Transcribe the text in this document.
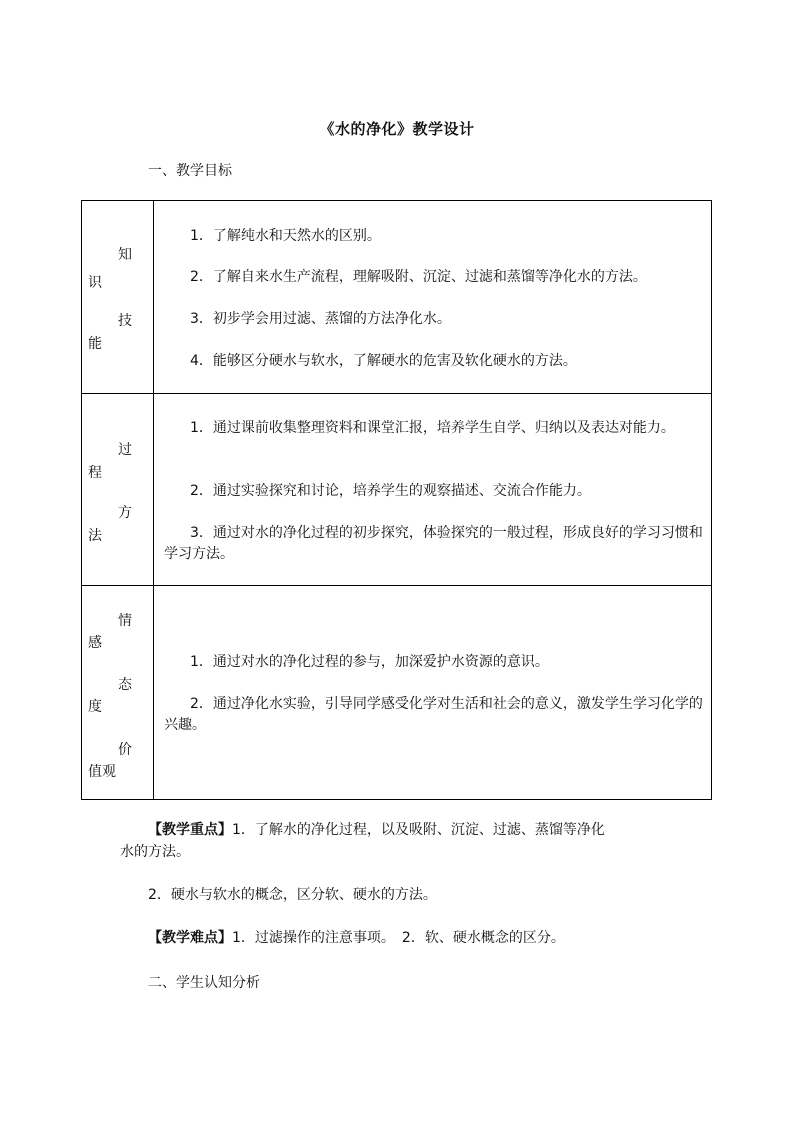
《水的净化》教学设计
一、教学目标
知
识
技
能
1．了解纯水和天然水的区别。
2．了解自来水生产流程，理解吸附、沉淀、过滤和蒸馏等净化水的方法。
3．初步学会用过滤、蒸馏的方法净化水。
4．能够区分硬水与软水，了解硬水的危害及软化硬水的方法。
过
程
方
法
1．通过课前收集整理资料和课堂汇报，培养学生自学、归纳以及表达对能力。
2．通过实验探究和讨论，培养学生的观察描述、交流合作能力。
3．通过对水的净化过程的初步探究，体验探究的一般过程，形成良好的学习习惯和学习方法。
情
感
态
度
价
值观
1．通过对水的净化过程的参与，加深爱护水资源的意识。
2．通过净化水实验，引导同学感受化学对生活和社会的意义，激发学生学习化学的兴趣。
【教学重点】1．了解水的净化过程，以及吸附、沉淀、过滤、蒸馏等净化
水的方法。
2．硬水与软水的概念，区分软、硬水的方法。
【教学难点】1．过滤操作的注意事项。　2．软、硬水概念的区分。
二、学生认知分析
